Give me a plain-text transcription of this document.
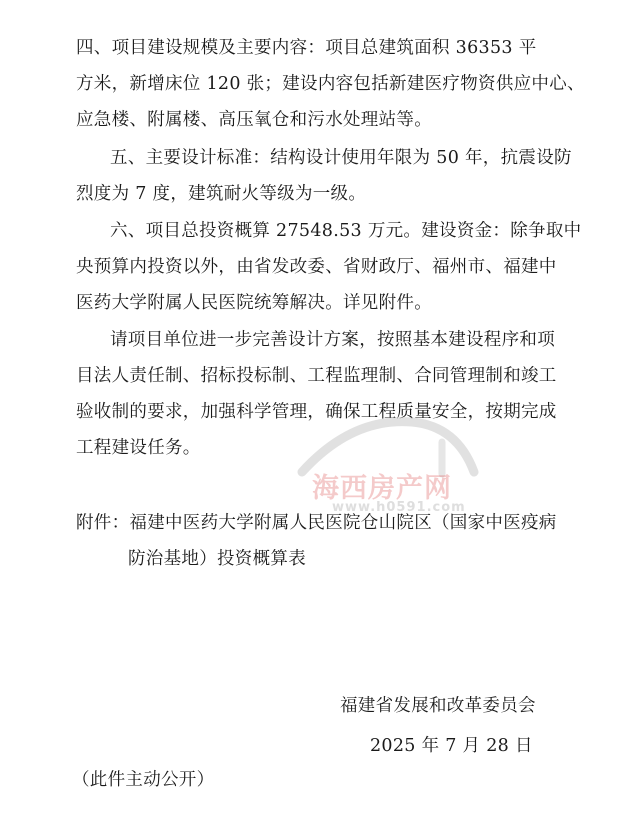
四、项目建设规模及主要内容：项目总建筑面积 36353 平
方米，新增床位 120 张；建设内容包括新建医疗物资供应中心、
应急楼、附属楼、高压氧仓和污水处理站等。
五、主要设计标准：结构设计使用年限为 50 年，抗震设防
烈度为 7 度，建筑耐火等级为一级。
六、项目总投资概算 27548.53 万元。建设资金：除争取中
央预算内投资以外，由省发改委、省财政厅、福州市、福建中
医药大学附属人民医院统筹解决。详见附件。
请项目单位进一步完善设计方案，按照基本建设程序和项
目法人责任制、招标投标制、工程监理制、合同管理制和竣工
验收制的要求，加强科学管理，确保工程质量安全，按期完成
工程建设任务。
附件：福建中医药大学附属人民医院仓山院区（国家中医疫病
防治基地）投资概算表
福建省发展和改革委员会
2025 年 7 月 28 日
（此件主动公开）
海西房产网
www.h0591.com
